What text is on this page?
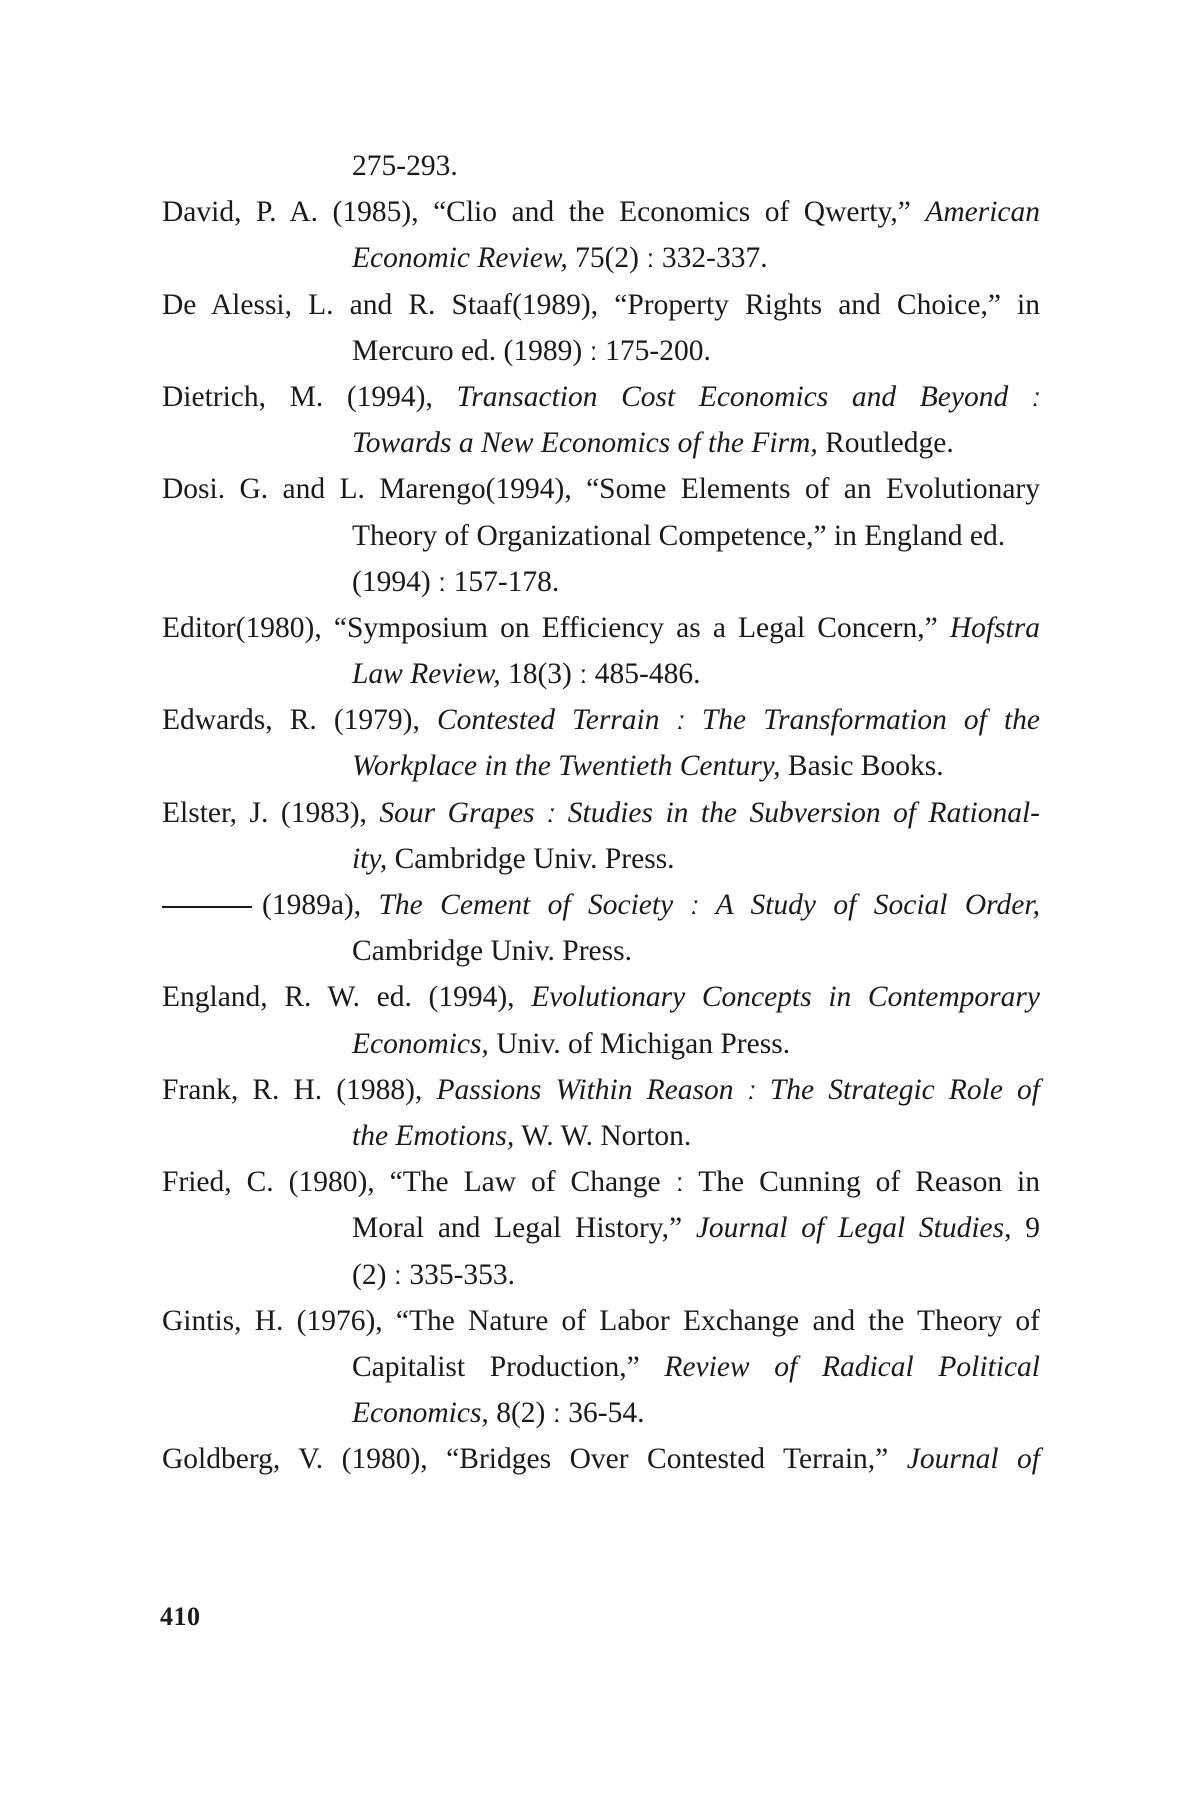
275-293.
David, P. A. (1985), “Clio and the Economics of Qwerty,” American
Economic Review, 75(2) ː 332-337.
De Alessi, L. and R. Staaf(1989), “Property Rights and Choice,” in
Mercuro ed. (1989) ː 175-200.
Dietrich, M. (1994), Transaction Cost Economics and Beyond ː
Towards a New Economics of the Firm, Routledge.
Dosi. G. and L. Marengo(1994), “Some Elements of an Evolutionary
Theory of Organizational Competence,” in England ed.
(1994) ː 157-178.
Editor(1980), “Symposium on Efficiency as a Legal Concern,” Hofstra
Law Review, 18(3) ː 485-486.
Edwards, R. (1979), Contested Terrain ː The Transformation of the
Workplace in the Twentieth Century, Basic Books.
Elster, J. (1983), Sour Grapes ː Studies in the Subversion of Rational-
ity, Cambridge Univ. Press.
(1989a), The Cement of Society ː A Study of Social Order,
Cambridge Univ. Press.
England, R. W. ed. (1994), Evolutionary Concepts in Contemporary
Economics, Univ. of Michigan Press.
Frank, R. H. (1988), Passions Within Reason ː The Strategic Role of
the Emotions, W. W. Norton.
Fried, C. (1980), “The Law of Change ː The Cunning of Reason in
Moral and Legal History,” Journal of Legal Studies, 9
(2) ː 335-353.
Gintis, H. (1976), “The Nature of Labor Exchange and the Theory of
Capitalist Production,” Review of Radical Political
Economics, 8(2) ː 36-54.
Goldberg, V. (1980), “Bridges Over Contested Terrain,” Journal of
410
